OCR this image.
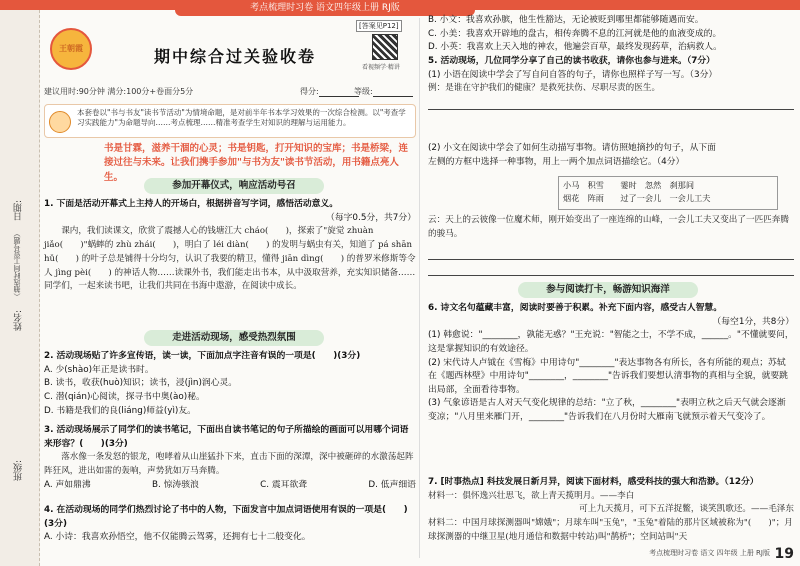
考点梳理时习卷 语文四年级上册 RJ版
日期:
（抽选时间工资号题）
姓名:
班级:
王朝霞	期中综合过关验收卷
[答案见P12]
看视频学·精讲
建议用时:90分钟 满分:100分+卷面分5分	得分:	等级:
本套卷以"书与书友"读书节活动"为情境命题，是对前半年书本学习效果的一次综合检测。以"考查学习实践能力"为命题导向……考点梳理……精准考查学生对知识的理解与运用能力。
书是甘霖，滋养干涸的心灵；书是钥匙，打开知识的宝库；书是桥梁，连接过往与未来。让我们携手参加"与书为友"读书节活动，用书籍点亮人生。
参加开幕仪式，响应活动号召
1. 下面是活动开幕式上主持人的开场白，根据拼音写字词，感悟活动意义。
（每字0.5分，共7分）
课内，我们读课文，欣赏了震撼人心的钱塘江大 cháo(　　)，探索了"旋觉 zhuàn jiǎo(　　)"蜗蟀的 zhù zhái(　　)，明白了 léi diàn(　　) 的发明与蜗虫有关，知道了 pá shān hǔ(　　) 的叶子总是铺得十分均匀，认识了我要的精卫，懂得 jiān dìng(　　) 的普罗米修斯等令人 jìng pèi(　　) 的神话人物……读课外书，我们能走出书本，从中汲取营养，充实知识储备……同学们，一起来读书吧，让我们共同在书海中遨游，在阅读中成长。
走进活动现场，感受热烈氛围
2. 活动现场贴了许多宣传语，读一读，下面加点字注音有误的一项是(　　)(3分)
A. 少(shào)年正是读书时。
B. 读书，收获(huò)知识；读书，浸(jìn)润心灵。
C. 潜(qián)心阅读，探寻书中奥(ào)秘。
D. 书籍是我们的良(liáng)师益(yì)友。
3. 活动现场展示了同学们的读书笔记，下面出自读书笔记的句子所描绘的画面可以用哪个词语来形容？(　　)(3分)
落水像一条发怒的银龙，咆哮着从山崖猛扑下来，直击下面的深潭，深中被砸碎的水激荡起阵阵狂风，进出如雷的轰响，声势犹如万马奔腾。
A. 声如鼎沸	B. 惊涛骇浪	C. 震耳欲聋	D. 低声细语
4. 在活动现场的同学们热烈讨论了书中的人物，下面发言中加点词语使用有误的一项是(　　)(3分)
A. 小诗：我喜欢孙悟空，他不仅能腾云驾雾，还拥有七十二般变化。
B. 小文：我喜欢孙膑，他生性豁达，无论被贬到哪里都能够随遇而安。
C. 小美：我喜欢开辟地的盘古，相传奔腾不息的江河就是他的血液变成的。
D. 小英：我喜欢上天入地的神农，他遍尝百草，最终发现药草，治病救人。
5. 活动现场，几位同学分享了自己的读书收获，请你也参与进来。（7分）
(1) 小语在阅读中学会了写自问自答的句子，请你也照样子写一写。（3分）
例：是谁在守护我们的健康？是救死扶伤、尽职尽责的医生。
(2) 小文在阅读中学会了如何生动描写事物。请仿照她摘抄的句子，从下面左侧的方框中选择一种事物，用上一两个加点词语描绘它。（4分）
小马　积雪　　霎时　忽然　刹那间
烟花　阵雨　　过了一会儿　一会儿工夫
云：天上的云彼像一位魔术师，刚开始变出了一座连绵的山峰，一会儿工夫又变出了一匹匹奔腾的骏马。
参与阅读打卡，畅游知识海洋
6. 诗文名句蕴藏丰富，阅读时要善于积累。补充下面内容，感受古人智慧。
（每空1分，共8分）
(1) 韩愈说："________，孰能无惑？"王充说："智能之士，不学不成，______。"不懂就要问，这是掌握知识的有效途径。
(2) 宋代诗人卢钺在《雪梅》中用诗句"________"表达事物各有所长，各有所能的观点；苏轼在《题西林壁》中用诗句"________，________"告诉我们要想认清事物的真相与全貌，就要跳出局部，全面看待事物。
(3) 气象谚语是古人对天气变化规律的总结："立了秋，________"表明立秋之后天气就会逐渐变凉；"八月里来雁门开，________"告诉我们在八月份时大雁南飞就预示着天气变冷了。
7. [时事热点] 科技发展日新月异，阅读下面材料，感受科技的强大和浩渺。（12分）
材料一：俱怀逸兴壮思飞，欲上青天揽明月。——李白
可上九天揽月，可下五洋捉鳖，谈笑凯歌还。——毛泽东
材料二：中国月球探测器叫"嫦娥"；月球车叫"玉兔"，"玉兔"着陆的那片区域被称为"(　　)"；月球探测器的中继卫星(地月通信和数据中转站)叫"鹊桥"；空间站叫"天
考点梳理时习卷 语文 四年级 上册 RJ版 19
